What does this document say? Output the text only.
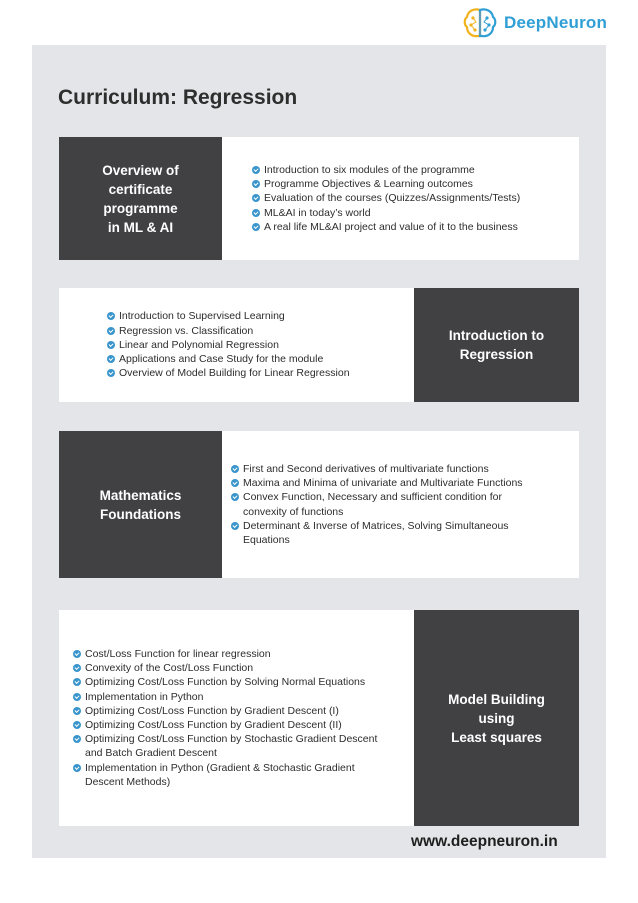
DeepNeuron
Curriculum: Regression
Overview of
certificate
programme
in ML & AI
Introduction to six modules of the programme
Programme Objectives & Learning outcomes
Evaluation of the courses (Quizzes/Assignments/Tests)
ML&AI in today’s world
A real life ML&AI project and value of it to the business
Introduction to Supervised Learning
Regression vs. Classification
Linear and Polynomial Regression
Applications and Case Study for the module
Overview of Model Building for Linear Regression
Introduction to
Regression
Mathematics
Foundations
First and Second derivatives of multivariate functions
Maxima and Minima of univariate and Multivariate Functions
Convex Function, Necessary and sufficient condition for convexity of functions
Determinant & Inverse of Matrices, Solving Simultaneous Equations
Cost/Loss Function for linear regression
Convexity of the Cost/Loss Function
Optimizing Cost/Loss Function by Solving Normal Equations
Implementation in Python
Optimizing Cost/Loss Function by Gradient Descent (I)
Optimizing Cost/Loss Function by Gradient Descent (II)
Optimizing Cost/Loss Function by Stochastic Gradient Descent and Batch Gradient Descent
Implementation in Python (Gradient & Stochastic Gradient Descent Methods)
Model Building
using
Least squares
www.deepneuron.in
